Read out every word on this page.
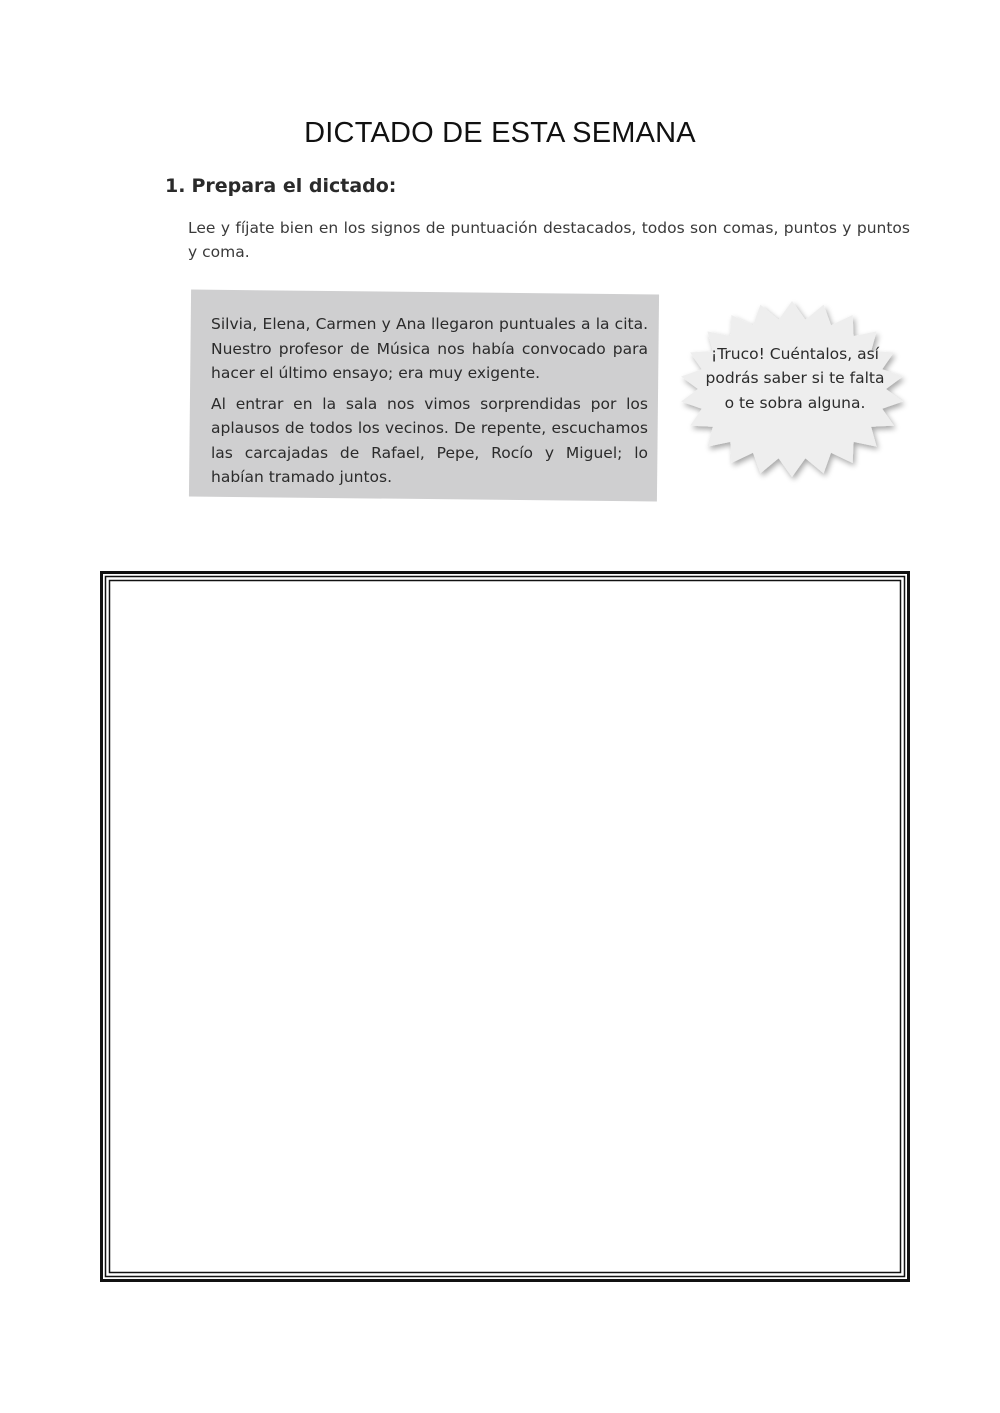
DICTADO DE ESTA SEMANA
1. Prepara el dictado:
Lee y fíjate bien en los signos de puntuación destacados, todos son comas, puntos y puntos y coma.

Silvia, Elena, Carmen y Ana llegaron puntuales a la cita. Nuestro profesor de Música nos había convocado para hacer el último ensayo; era muy exigente.

Al entrar en la sala nos vimos sorprendidas por los aplausos de todos los vecinos. De repente, escuchamos las carcajadas de Rafael, Pepe, Rocío y Miguel; lo habían tramado juntos.

¡Truco! Cuéntalos, así podrás saber si te falta o te sobra alguna.
